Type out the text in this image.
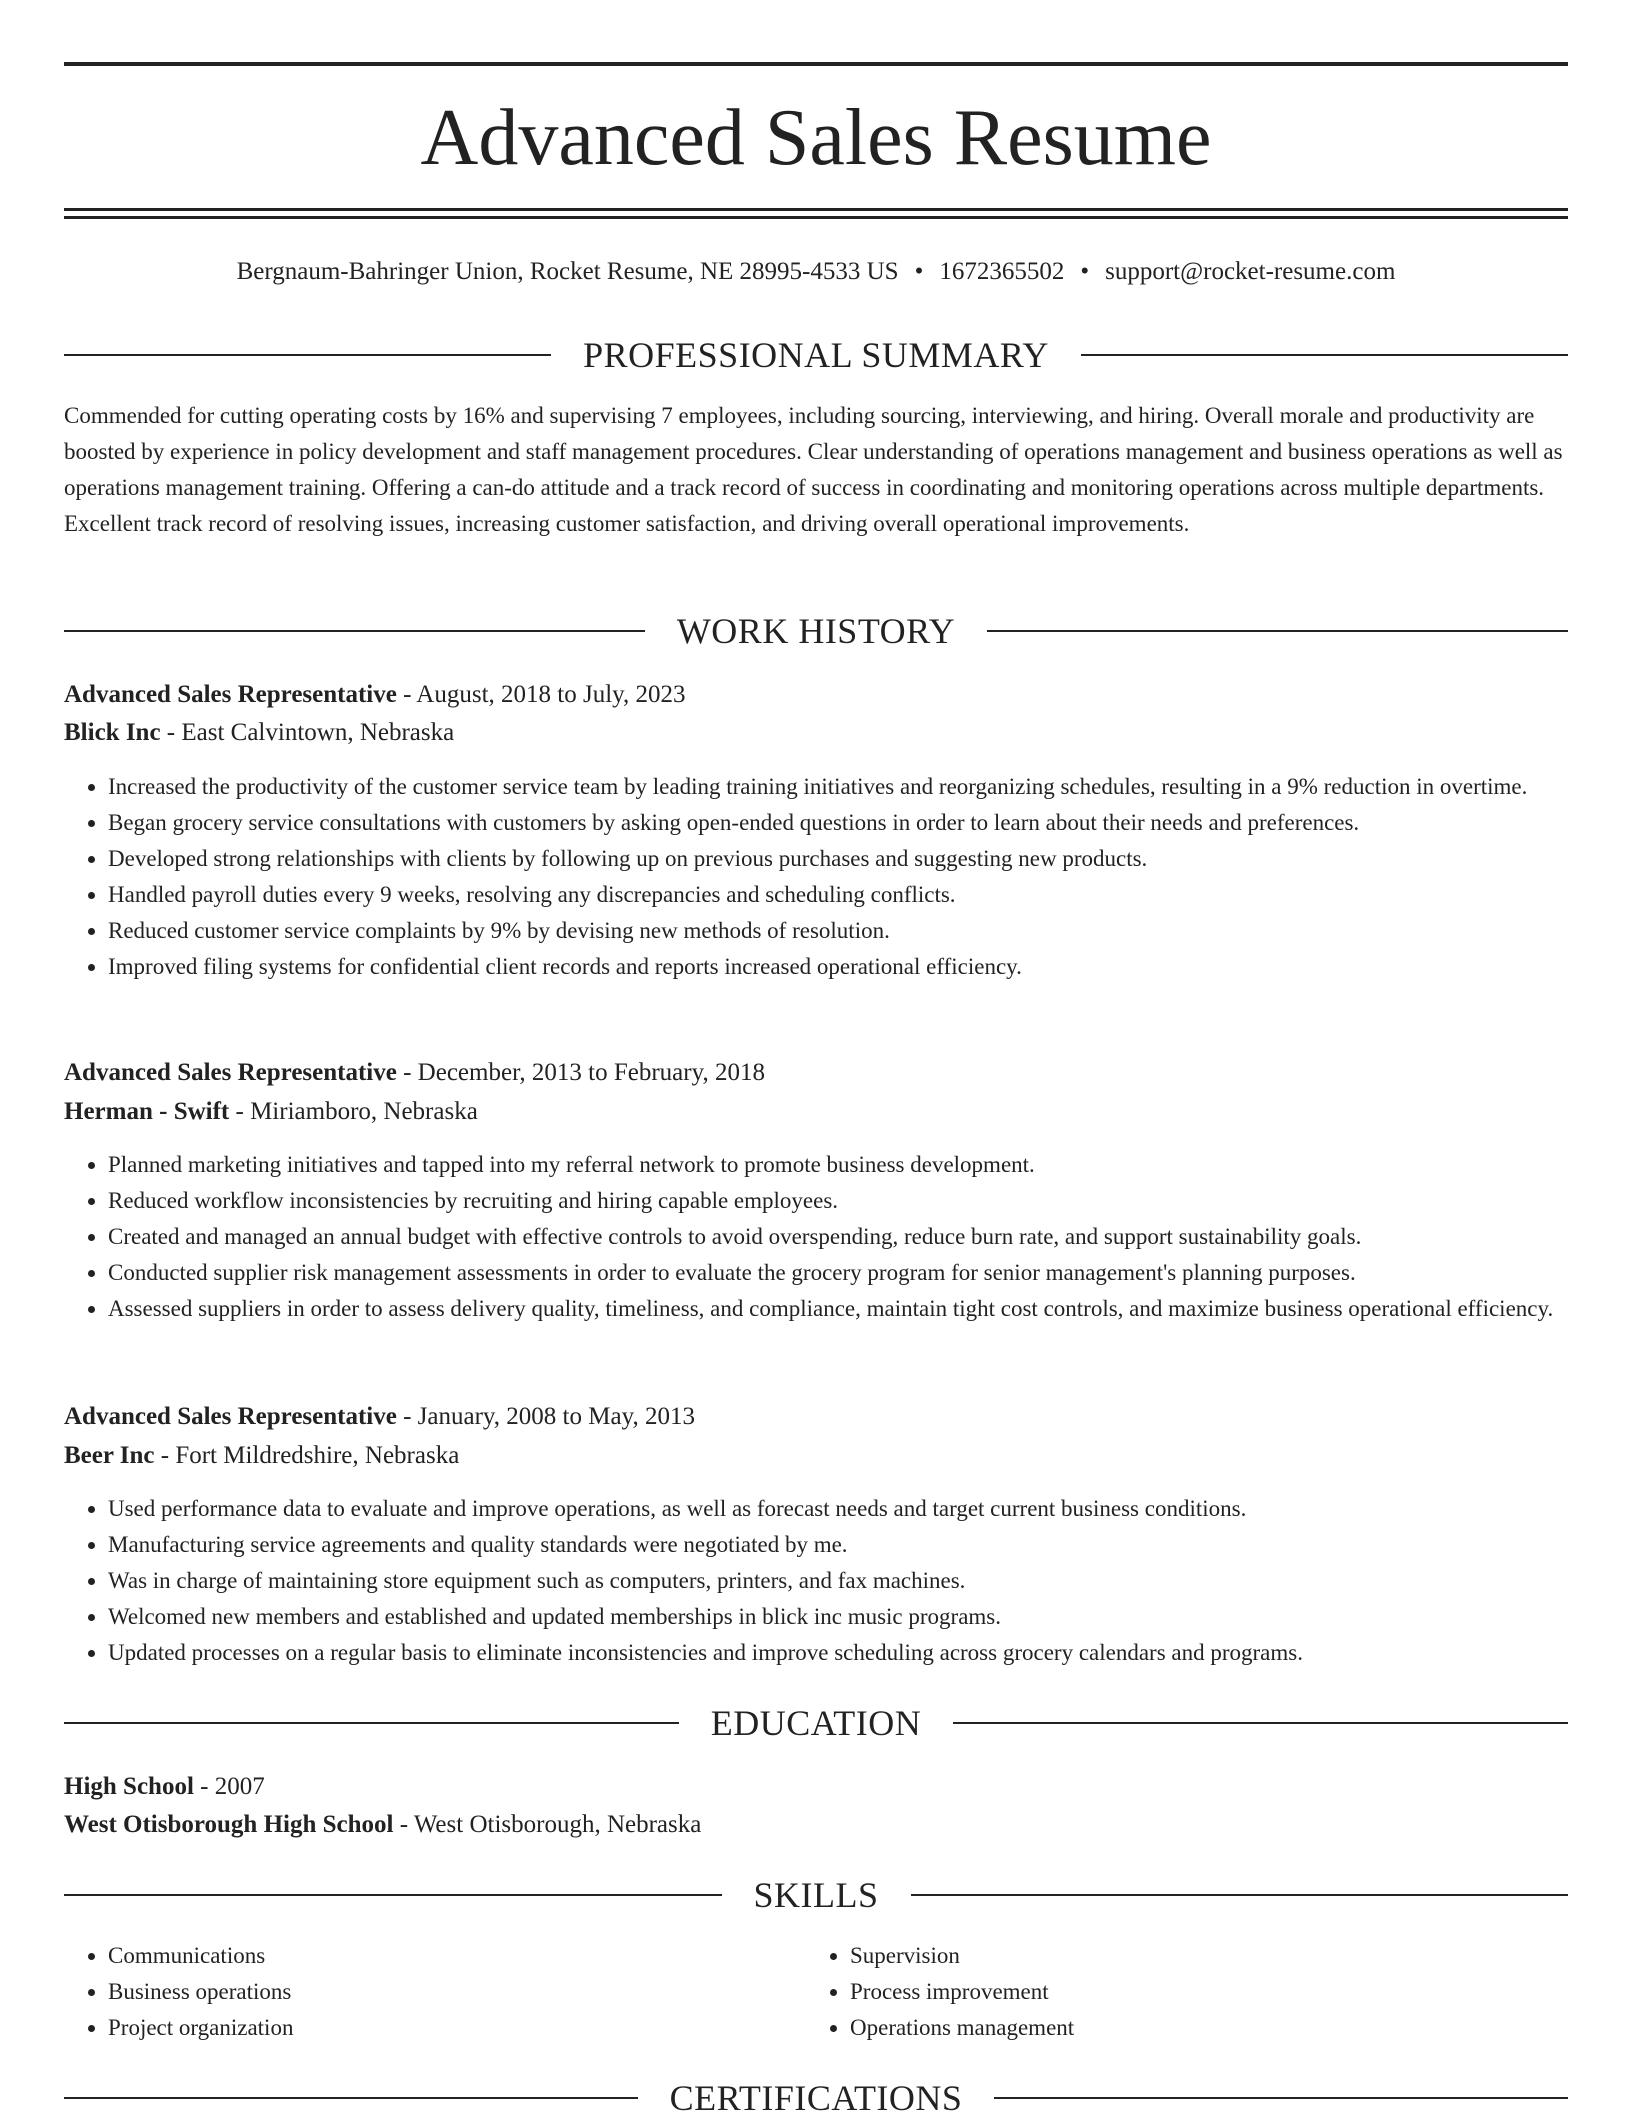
Advanced Sales Resume
Bergnaum-Bahringer Union, Rocket Resume, NE 28995-4533 US • 1672365502 • support@rocket-resume.com
PROFESSIONAL SUMMARY

Commended for cutting operating costs by 16% and supervising 7 employees, including sourcing, interviewing, and hiring. Overall morale and productivity are boosted by experience in policy development and staff management procedures. Clear understanding of operations management and business operations as well as operations management training. Offering a can-do attitude and a track record of success in coordinating and monitoring operations across multiple departments. Excellent track record of resolving issues, increasing customer satisfaction, and driving overall operational improvements.

WORK HISTORY
Advanced Sales Representative - August, 2018 to July, 2023
Blick Inc - East Calvintown, Nebraska
• Increased the productivity of the customer service team by leading training initiatives and reorganizing schedules, resulting in a 9% reduction in overtime.
• Began grocery service consultations with customers by asking open-ended questions in order to learn about their needs and preferences.
• Developed strong relationships with clients by following up on previous purchases and suggesting new products.
• Handled payroll duties every 9 weeks, resolving any discrepancies and scheduling conflicts.
• Reduced customer service complaints by 9% by devising new methods of resolution.
• Improved filing systems for confidential client records and reports increased operational efficiency.
Advanced Sales Representative - December, 2013 to February, 2018
Herman - Swift - Miriamboro, Nebraska
• Planned marketing initiatives and tapped into my referral network to promote business development.
• Reduced workflow inconsistencies by recruiting and hiring capable employees.
• Created and managed an annual budget with effective controls to avoid overspending, reduce burn rate, and support sustainability goals.
• Conducted supplier risk management assessments in order to evaluate the grocery program for senior management's planning purposes.
• Assessed suppliers in order to assess delivery quality, timeliness, and compliance, maintain tight cost controls, and maximize business operational efficiency.
Advanced Sales Representative - January, 2008 to May, 2013
Beer Inc - Fort Mildredshire, Nebraska
• Used performance data to evaluate and improve operations, as well as forecast needs and target current business conditions.
• Manufacturing service agreements and quality standards were negotiated by me.
• Was in charge of maintaining store equipment such as computers, printers, and fax machines.
• Welcomed new members and established and updated memberships in blick inc music programs.
• Updated processes on a regular basis to eliminate inconsistencies and improve scheduling across grocery calendars and programs.
EDUCATION
High School - 2007
West Otisborough High School - West Otisborough, Nebraska
SKILLS
• Communications
• Business operations
• Project organization
• Supervision
• Process improvement
• Operations management
CERTIFICATIONS
